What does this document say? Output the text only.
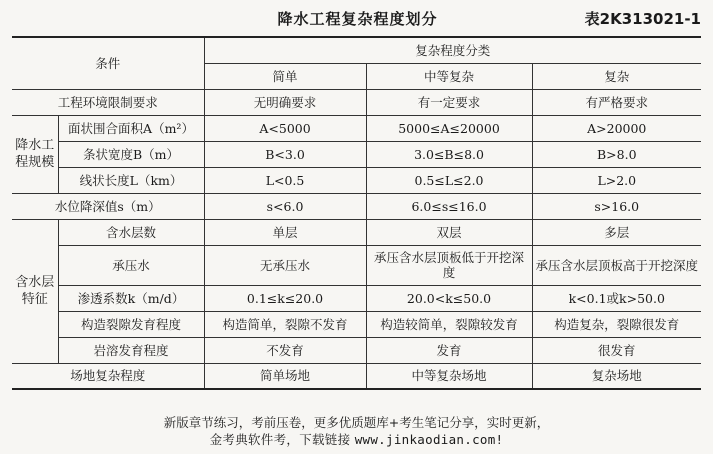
降水工程复杂程度划分	表2K313021-1
条件		复杂程度分类		
		简单	中等复杂	复杂
工程环境限制要求		无明确要求	有一定要求	有严格要求
降水工程规模	面状围合面积A（m²）	A<5000	5000≤A≤20000	A>20000
	条状宽度B（m）	B<3.0	3.0≤B≤8.0	B>8.0
	线状长度L（km）	L<0.5	0.5≤L≤2.0	L>2.0
水位降深值s（m）		s<6.0	6.0≤s≤16.0	s>16.0
含水层特征	含水层数	单层	双层	多层
	承压水	无承压水	承压含水层顶板低于开挖深度	承压含水层顶板高于开挖深度
	渗透系数k（m/d）	0.1≤k≤20.0	20.0<k≤50.0	k<0.1或k>50.0
	构造裂隙发育程度	构造简单，裂隙不发育	构造较简单，裂隙较发育	构造复杂，裂隙很发育
	岩溶发育程度	不发育	发育	很发育
场地复杂程度		简单场地	中等复杂场地	复杂场地
新版章节练习，考前压卷，更多优质题库+考生笔记分享，实时更新，
金考典软件考，下载链接 www.jinkaodian.com!
